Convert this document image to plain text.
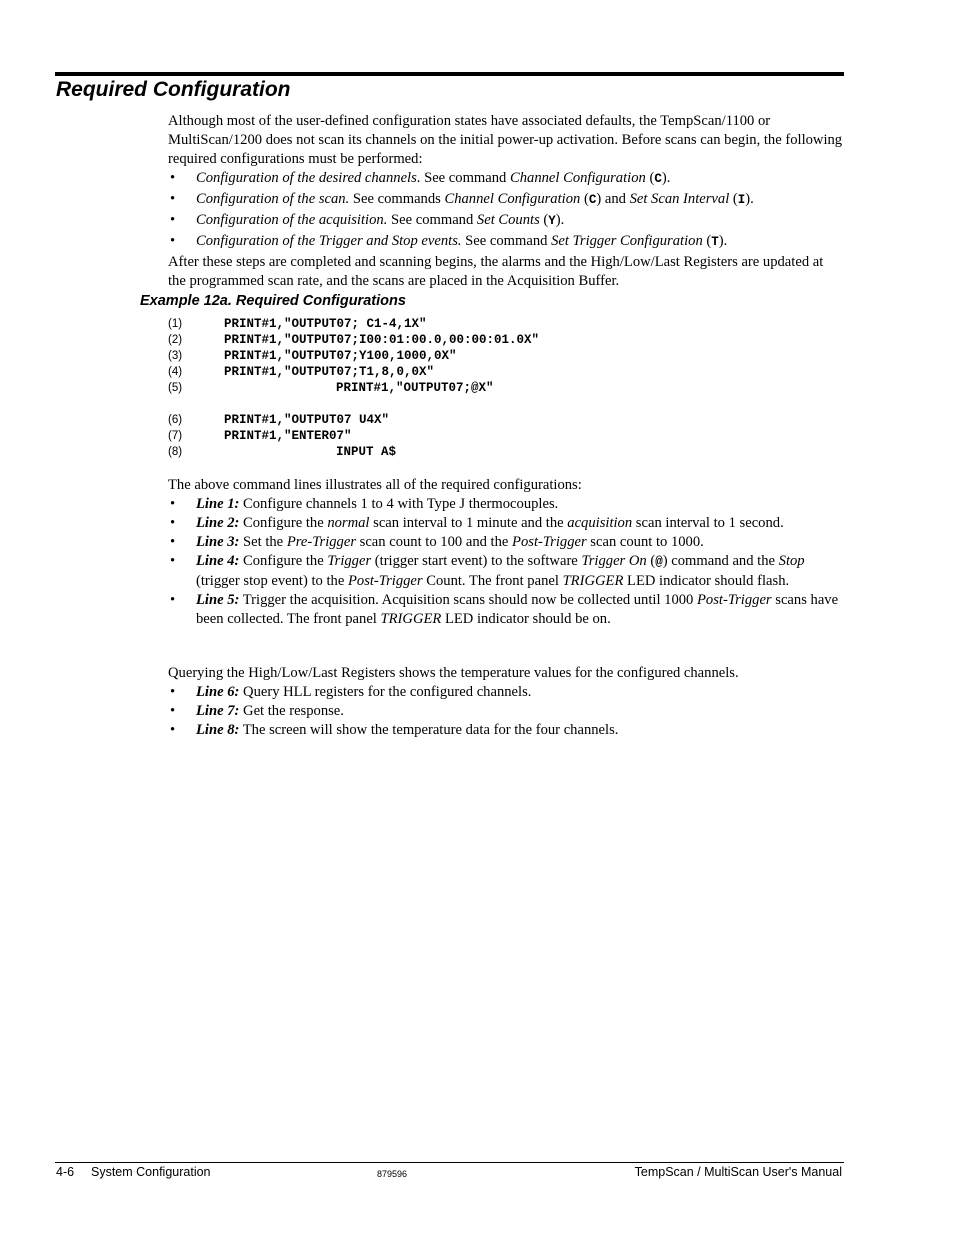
Required Configuration

Although most of the user-defined configuration states have associated defaults, the TempScan/1100 or MultiScan/1200 does not scan its channels on the initial power-up activation. Before scans can begin, the following required configurations must be performed:

• Configuration of the desired channels. See command Channel Configuration (C).
• Configuration of the scan. See commands Channel Configuration (C) and Set Scan Interval (I).
• Configuration of the acquisition. See command Set Counts (Y).
• Configuration of the Trigger and Stop events. See command Set Trigger Configuration (T).

After these steps are completed and scanning begins, the alarms and the High/Low/Last Registers are updated at the programmed scan rate, and the scans are placed in the Acquisition Buffer.

Example 12a. Required Configurations
(1)	PRINT#1,"OUTPUT07; C1-4,1X"
(2)	PRINT#1,"OUTPUT07;I00:01:00.0,00:00:01.0X"
(3)	PRINT#1,"OUTPUT07;Y100,1000,0X"
(4)	PRINT#1,"OUTPUT07;T1,8,0,0X"
(5)	PRINT#1,"OUTPUT07;@X"
(6)	PRINT#1,"OUTPUT07 U4X"
(7)	PRINT#1,"ENTER07"
(8)	INPUT A$

The above command lines illustrates all of the required configurations:

• Line 1: Configure channels 1 to 4 with Type J thermocouples.
• Line 2: Configure the normal scan interval to 1 minute and the acquisition scan interval to 1 second.
• Line 3: Set the Pre-Trigger scan count to 100 and the Post-Trigger scan count to 1000.
• Line 4: Configure the Trigger (trigger start event) to the software Trigger On (@) command and the Stop (trigger stop event) to the Post-Trigger Count. The front panel TRIGGER LED indicator should flash.
• Line 5: Trigger the acquisition. Acquisition scans should now be collected until 1000 Post-Trigger scans have been collected. The front panel TRIGGER LED indicator should be on.

Querying the High/Low/Last Registers shows the temperature values for the configured channels.

• Line 6: Query HLL registers for the configured channels.
• Line 7: Get the response.
• Line 8: The screen will show the temperature data for the four channels.
4-6 System Configuration	879596	TempScan / MultiScan User's Manual
